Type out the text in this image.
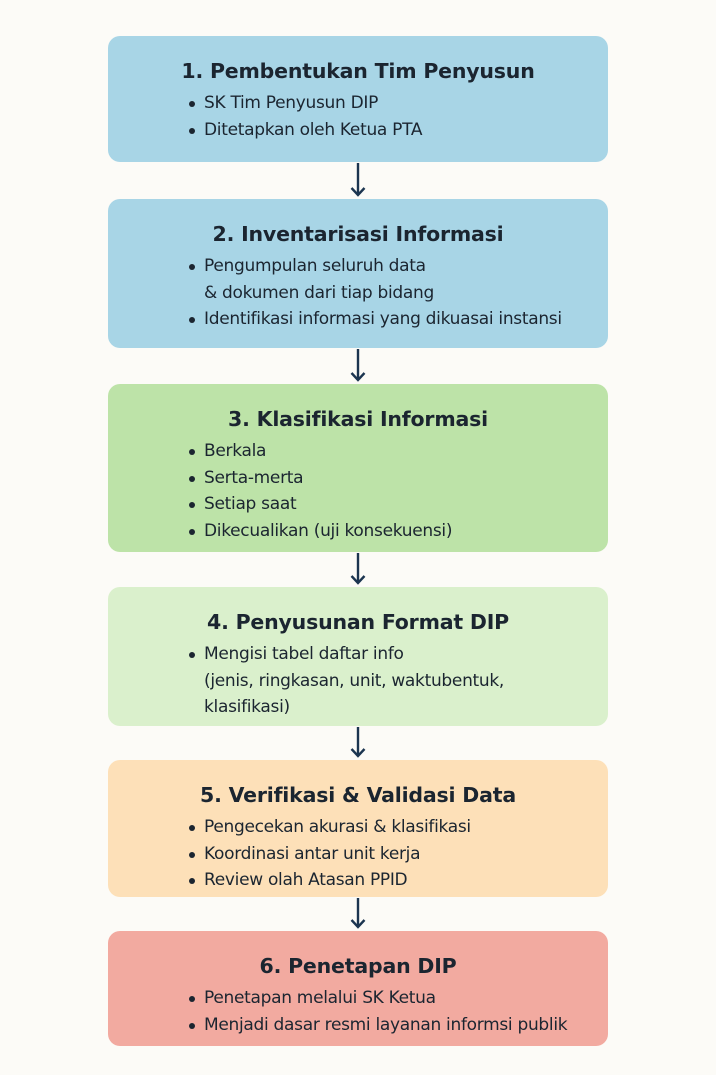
1. Pembentukan Tim Penyusun
SK Tim Penyusun DIP
Ditetapkan oleh Ketua PTA
2. Inventarisasi Informasi
Pengumpulan seluruh data
& dokumen dari tiap bidang
Identifikasi informasi yang dikuasai instansi
3. Klasifikasi Informasi
Berkala
Serta-merta
Setiap saat
Dikecualikan (uji konsekuensi)
4. Penyusunan Format DIP
Mengisi tabel daftar info
(jenis, ringkasan, unit, waktubentuk,
klasifikasi)
5. Verifikasi & Validasi Data
Pengecekan akurasi & klasifikasi
Koordinasi antar unit kerja
Review olah Atasan PPID
6. Penetapan DIP
Penetapan melalui SK Ketua
Menjadi dasar resmi layanan informsi publik
